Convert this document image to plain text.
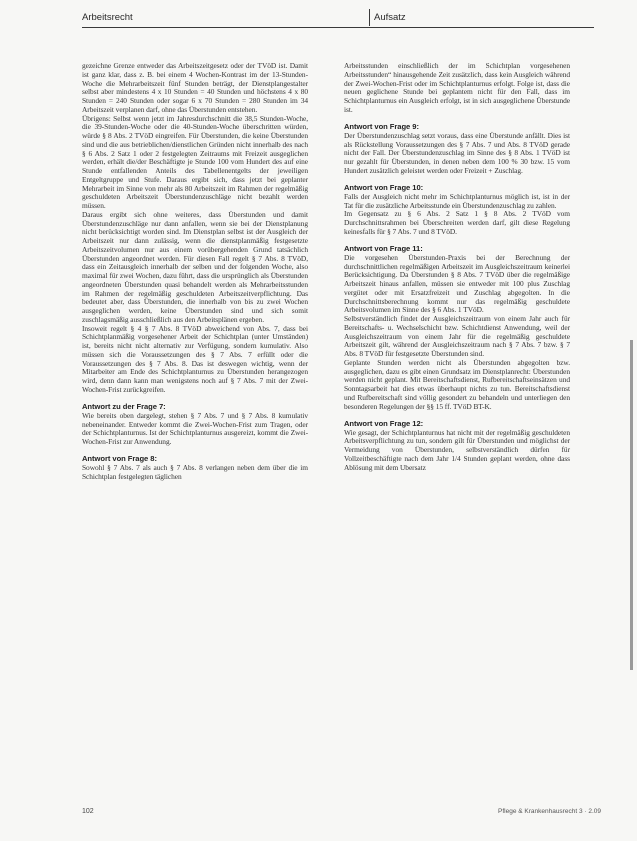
Arbeitsrecht	Aufsatz

gezeichne Grenze entweder das Arbeitszeitgesetz oder der TVöD ist. Damit ist ganz klar, dass z. B. bei einem 4 Wochen-Kontrast im der 13-Stunden-Woche die Mehrarbeitszeit fünf Stunden beträgt, der Dienstplangestalter selbst aber mindestens 4 x 10 Stunden = 40 Stunden und höchstens 4 x 80 Stunden = 240 Stunden oder sogar 6 x 70 Stunden = 280 Stunden im 34 Arbeitszeit verplanen darf, ohne das Überstunden entstehen.

Übrigens: Selbst wenn jetzt im Jahresdurchschnitt die 38,5 Stunden-Woche, die 39-Stunden-Woche oder die 40-Stunden-Woche überschritten würden, würde § 8 Abs. 2 TVöD eingreifen. Für Überstunden, die keine Überstunden sind und die aus betrieblichen/dienstlichen Gründen nicht innerhalb des nach § 6 Abs. 2 Satz 1 oder 2 festgelegten Zeitraums mit Freizeit ausgeglichen werden, erhält die/der Beschäftigte je Stunde 100 vom Hundert des auf eine Stunde entfallenden Anteils des Tabellenentgelts der jeweiligen Entgeltgruppe und Stufe. Daraus ergibt sich, dass jetzt bei geplanter Mehrarbeit im Sinne von mehr als 80 Arbeitszeit im Rahmen der regelmäßig geschuldeten Arbeitszeit Überstundenzuschläge nicht bezahlt werden müssen.

Daraus ergibt sich ohne weiteres, dass Überstunden und damit Überstundenzuschläge nur dann anfallen, wenn sie bei der Dienstplanung nicht berücksichtigt worden sind. Im Dienstplan selbst ist der Ausgleich der Arbeitszeit nur dann zulässig, wenn die dienstplanmäßig festgesetzte Arbeitszeitvolumen nur aus einem vorübergehenden Grund tatsächlich Überstunden angeordnet werden. Für diesen Fall regelt § 7 Abs. 8 TVöD, dass ein Zeitausgleich innerhalb der selben und der folgenden Woche, also maximal für zwei Wochen, dazu führt, dass die ursprünglich als Überstunden angeordneten Überstunden quasi behandelt werden als Mehrarbeitsstunden im Rahmen der regelmäßig geschuldeten Arbeitszeitverpflichtung. Das bedeutet aber, dass Überstunden, die innerhalb von bis zu zwei Wochen ausgeglichen werden, keine Überstunden sind und sich somit zuschlagsmäßig ausschließlich aus den Arbeitsplänen ergeben.

Insoweit regelt § 4 § 7 Abs. 8 TVöD abweichend von Abs. 7, dass bei Schichtplanmäßig vorgesehener Arbeit der Schichtplan (unter Umständen) ist, bereits nicht nicht alternativ zur Verfügung, sondern kumulativ. Also müssen sich die Voraussetzungen des § 7 Abs. 7 erfüllt oder die Voraussetzungen des § 7 Abs. 8. Das ist deswegen wichtig, wenn der Mitarbeiter am Ende des Schichtplanturnus zu Überstunden herangezogen wird, denn dann kann man wenigstens noch auf § 7 Abs. 7 mit der Zwei-Wochen-Frist zurückgreifen.

Antwort zu der Frage 7:

Wie bereits oben dargelegt, stehen § 7 Abs. 7 und § 7 Abs. 8 kumulativ nebeneinander. Entweder kommt die Zwei-Wochen-Frist zum Tragen, oder der Schichtplanturnus. Ist der Schichtplanturnus ausgereizt, kommt die Zwei-Wochen-Frist zur Anwendung.

Antwort von Frage 8:

Sowohl § 7 Abs. 7 als auch § 7 Abs. 8 verlangen neben dem über die im Schichtplan festgelegten täglichen

Arbeitsstunden einschließlich der im Schichtplan vorgesehenen Arbeitsstunden“ hinausgehende Zeit zusätzlich, dass kein Ausgleich während der Zwei-Wochen-Frist oder im Schichtplanturnus erfolgt. Folge ist, dass die neuen geglichene Stunde bei geplantem nicht für den Fall, dass im Schichtplanturnus ein Ausgleich erfolgt, ist in sich ausgeglichene Überstunde ist.

Antwort von Frage 9:

Der Überstundenzuschlag setzt voraus, dass eine Überstunde anfällt. Dies ist als Rückstellung Voraussetzungen des § 7 Abs. 7 und Abs. 8 TVöD gerade nicht der Fall. Der Überstundenzuschlag im Sinne des § 8 Abs. 1 TVöD ist nur gezahlt für Überstunden, in denen neben dem 100 % 30 bzw. 15 vom Hundert zusätzlich geleistet werden oder Freizeit + Zuschlag.

Antwort von Frage 10:

Falls der Ausgleich nicht mehr im Schichtplanturnus möglich ist, ist in der Tat für die zusätzliche Arbeitsstunde ein Überstundenzuschlag zu zahlen.

Im Gegensatz zu § 6 Abs. 2 Satz 1 § 8 Abs. 2 TVöD vom Durchschnittsrahmen bei Überschreiten werden darf, gilt diese Regelung keinesfalls für § 7 Abs. 7 und 8 TVöD.

Antwort von Frage 11:

Die vorgesehen Überstunden-Praxis bei der Berechnung der durchschnittlichen regelmäßigen Arbeitszeit im Ausgleichszeitraum keinerlei Berücksichtigung. Da Überstunden § 8 Abs. 7 TVöD über die regelmäßige Arbeitszeit hinaus anfallen, müssen sie entweder mit 100 plus Zuschlag vergütet oder mit Ersatzfreizeit und Zuschlag abgegolten. In die Durchschnittsberechnung kommt nur das regelmäßig geschuldete Arbeitsvolumen im Sinne des § 6 Abs. 1 TVöD.

Selbstverständlich findet der Ausgleichszeitraum von einem Jahr auch für Bereitschafts- u. Wechselschicht bzw. Schichtdienst Anwendung, weil der Ausgleichszeitraum von einem Jahr für die regelmäßig geschuldete Arbeitszeit gilt, während der Ausgleichszeitraum nach § 7 Abs. 7 bzw. § 7 Abs. 8 TVöD für festgesetzte Überstunden sind.

Geplante Stunden werden nicht als Überstunden abgegolten bzw. ausgeglichen, dazu es gibt einen Grundsatz im Dienstplanrecht: Überstunden werden nicht geplant. Mit Bereitschaftsdienst, Rufbereitschaftseinsätzen und Sonntagsarbeit hat dies etwas überhaupt nichts zu tun. Bereitschaftsdienst und Rufbereitschaft sind völlig gesondert zu behandeln und unterliegen den besonderen Regelungen der §§ 15 ff. TVöD BT-K.

Antwort von Frage 12:

Wie gesagt, der Schichtplanturnus hat nicht mit der regelmäßig geschuldeten Arbeitsverpflichtung zu tun, sondern gilt für Überstunden und möglichst der Vermeidung von Überstunden, selbstverständlich dürfen für Vollzeitbeschäftigte nach dem Jahr 1/4 Stunden geplant werden, ohne dass Ablösung mit dem Ubersatz

102	Pflege & Krankenhausrecht 3 · 2.09
